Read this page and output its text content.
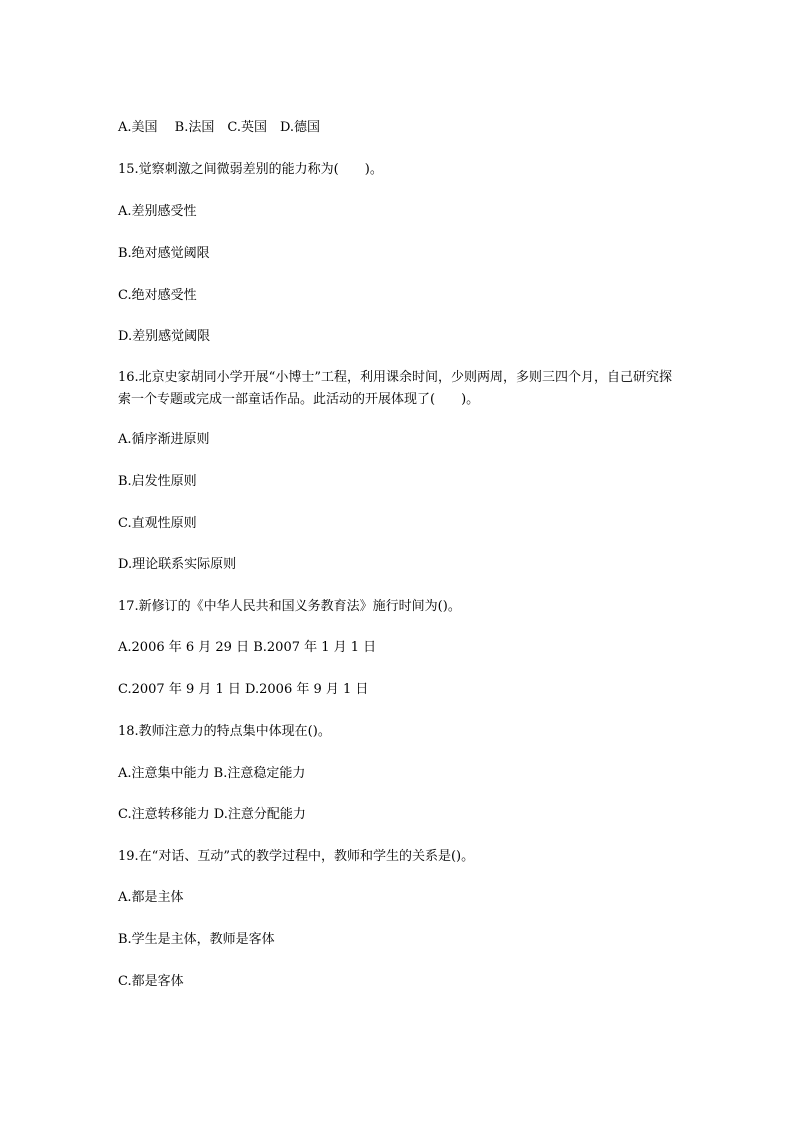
A.美国　 B.法国　C.英国　D.德国
15.觉察刺激之间微弱差别的能力称为(　　)。
A.差别感受性
B.绝对感觉阈限
C.绝对感受性
D.差别感觉阈限
16.北京史家胡同小学开展“小博士”工程，利用课余时间，少则两周，多则三四个月，自己研究探索一个专题或完成一部童话作品。此活动的开展体现了(　　)。
A.循序渐进原则
B.启发性原则
C.直观性原则
D.理论联系实际原则
17.新修订的《中华人民共和国义务教育法》施行时间为()。
A.2006 年 6 月 29 日 B.2007 年 1 月 1 日
C.2007 年 9 月 1 日 D.2006 年 9 月 1 日
18.教师注意力的特点集中体现在()。
A.注意集中能力 B.注意稳定能力
C.注意转移能力 D.注意分配能力
19.在“对话、互动”式的教学过程中，教师和学生的关系是()。
A.都是主体
B.学生是主体，教师是客体
C.都是客体
